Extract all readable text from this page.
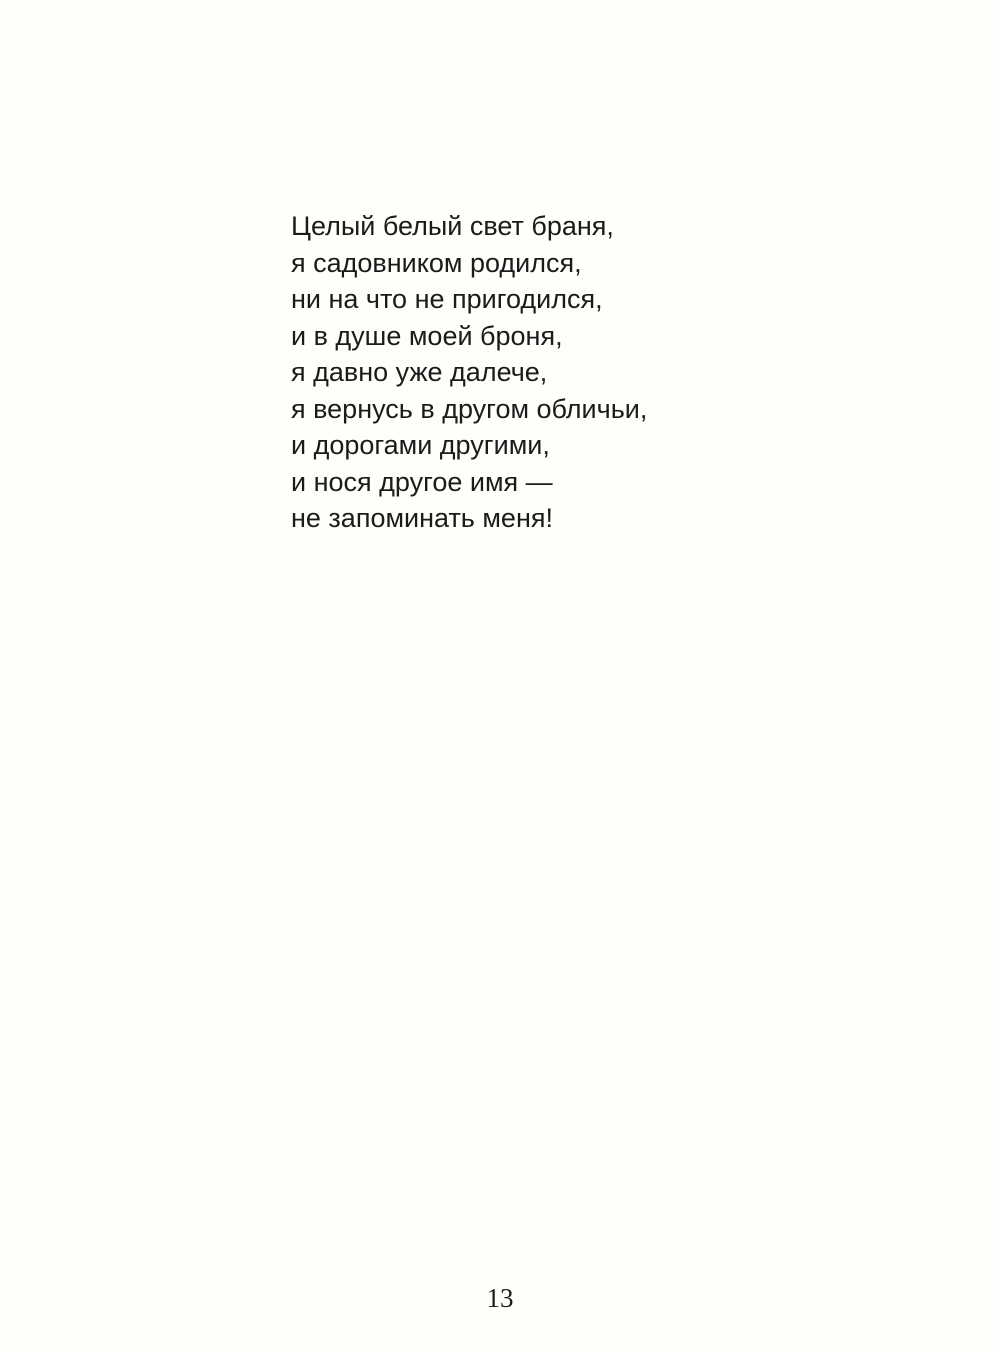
Целый белый свет браня,
я садовником родился,
ни на что не пригодился,
и в душе моей броня,
я давно уже далече,
я вернусь в другом обличьи,
и дорогами другими,
и нося другое имя —
не запоминать меня!
13
